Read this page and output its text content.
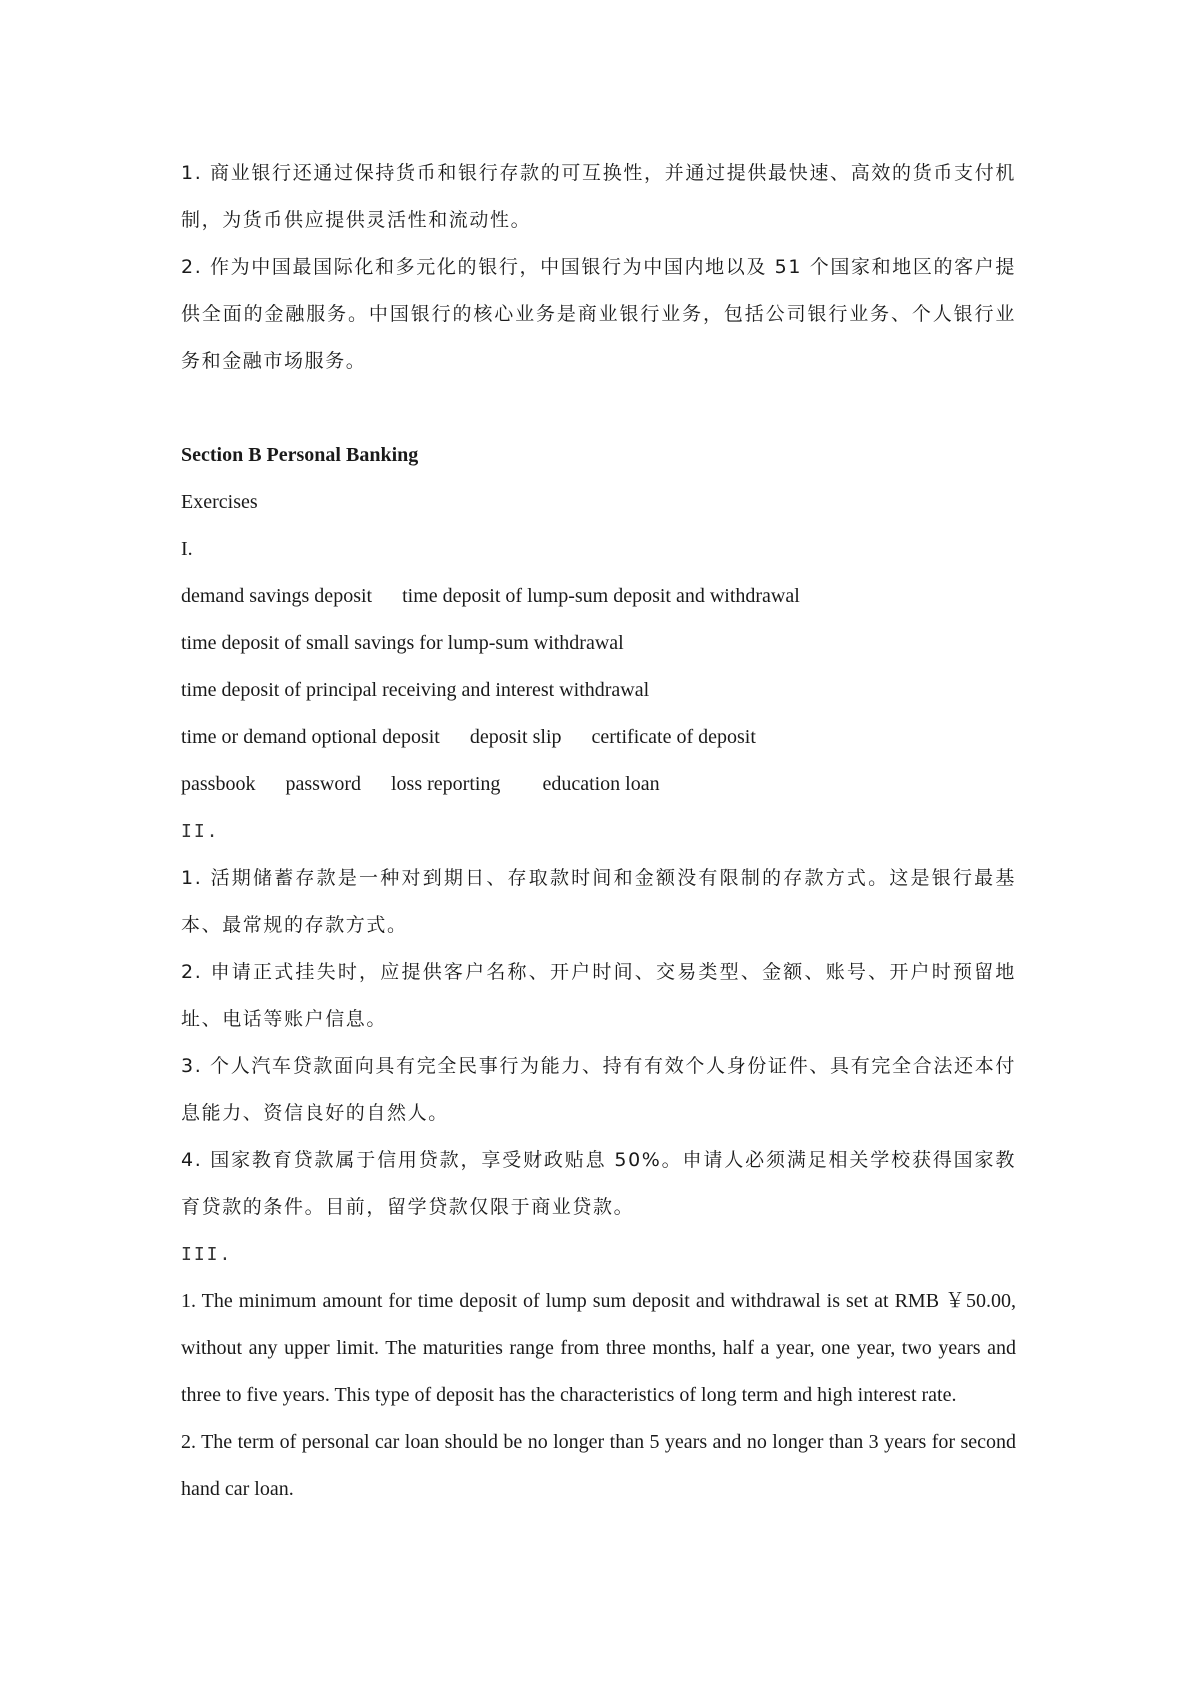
1. 商业银行还通过保持货币和银行存款的可互换性，并通过提供最快速、高效的货币支付机制，为货币供应提供灵活性和流动性。

2. 作为中国最国际化和多元化的银行，中国银行为中国内地以及 51 个国家和地区的客户提供全面的金融服务。中国银行的核心业务是商业银行业务，包括公司银行业务、个人银行业务和金融市场服务。

Section B Personal Banking

Exercises

I.

demand savings deposit time deposit of lump-sum deposit and withdrawal

time deposit of small savings for lump-sum withdrawal

time deposit of principal receiving and interest withdrawal

time or demand optional deposit deposit slip certificate of deposit

passbook password loss reporting education loan

II.

1. 活期储蓄存款是一种对到期日、存取款时间和金额没有限制的存款方式。这是银行最基本、最常规的存款方式。

2. 申请正式挂失时，应提供客户名称、开户时间、交易类型、金额、账号、开户时预留地址、电话等账户信息。

3. 个人汽车贷款面向具有完全民事行为能力、持有有效个人身份证件、具有完全合法还本付息能力、资信良好的自然人。

4. 国家教育贷款属于信用贷款，享受财政贴息 50%。申请人必须满足相关学校获得国家教育贷款的条件。目前，留学贷款仅限于商业贷款。

III.

1. The minimum amount for time deposit of lump sum deposit and withdrawal is set at RMB ￥50.00, without any upper limit. The maturities range from three months, half a year, one year, two years and three to five years. This type of deposit has the characteristics of long term and high interest rate.

2. The term of personal car loan should be no longer than 5 years and no longer than 3 years for second hand car loan.
